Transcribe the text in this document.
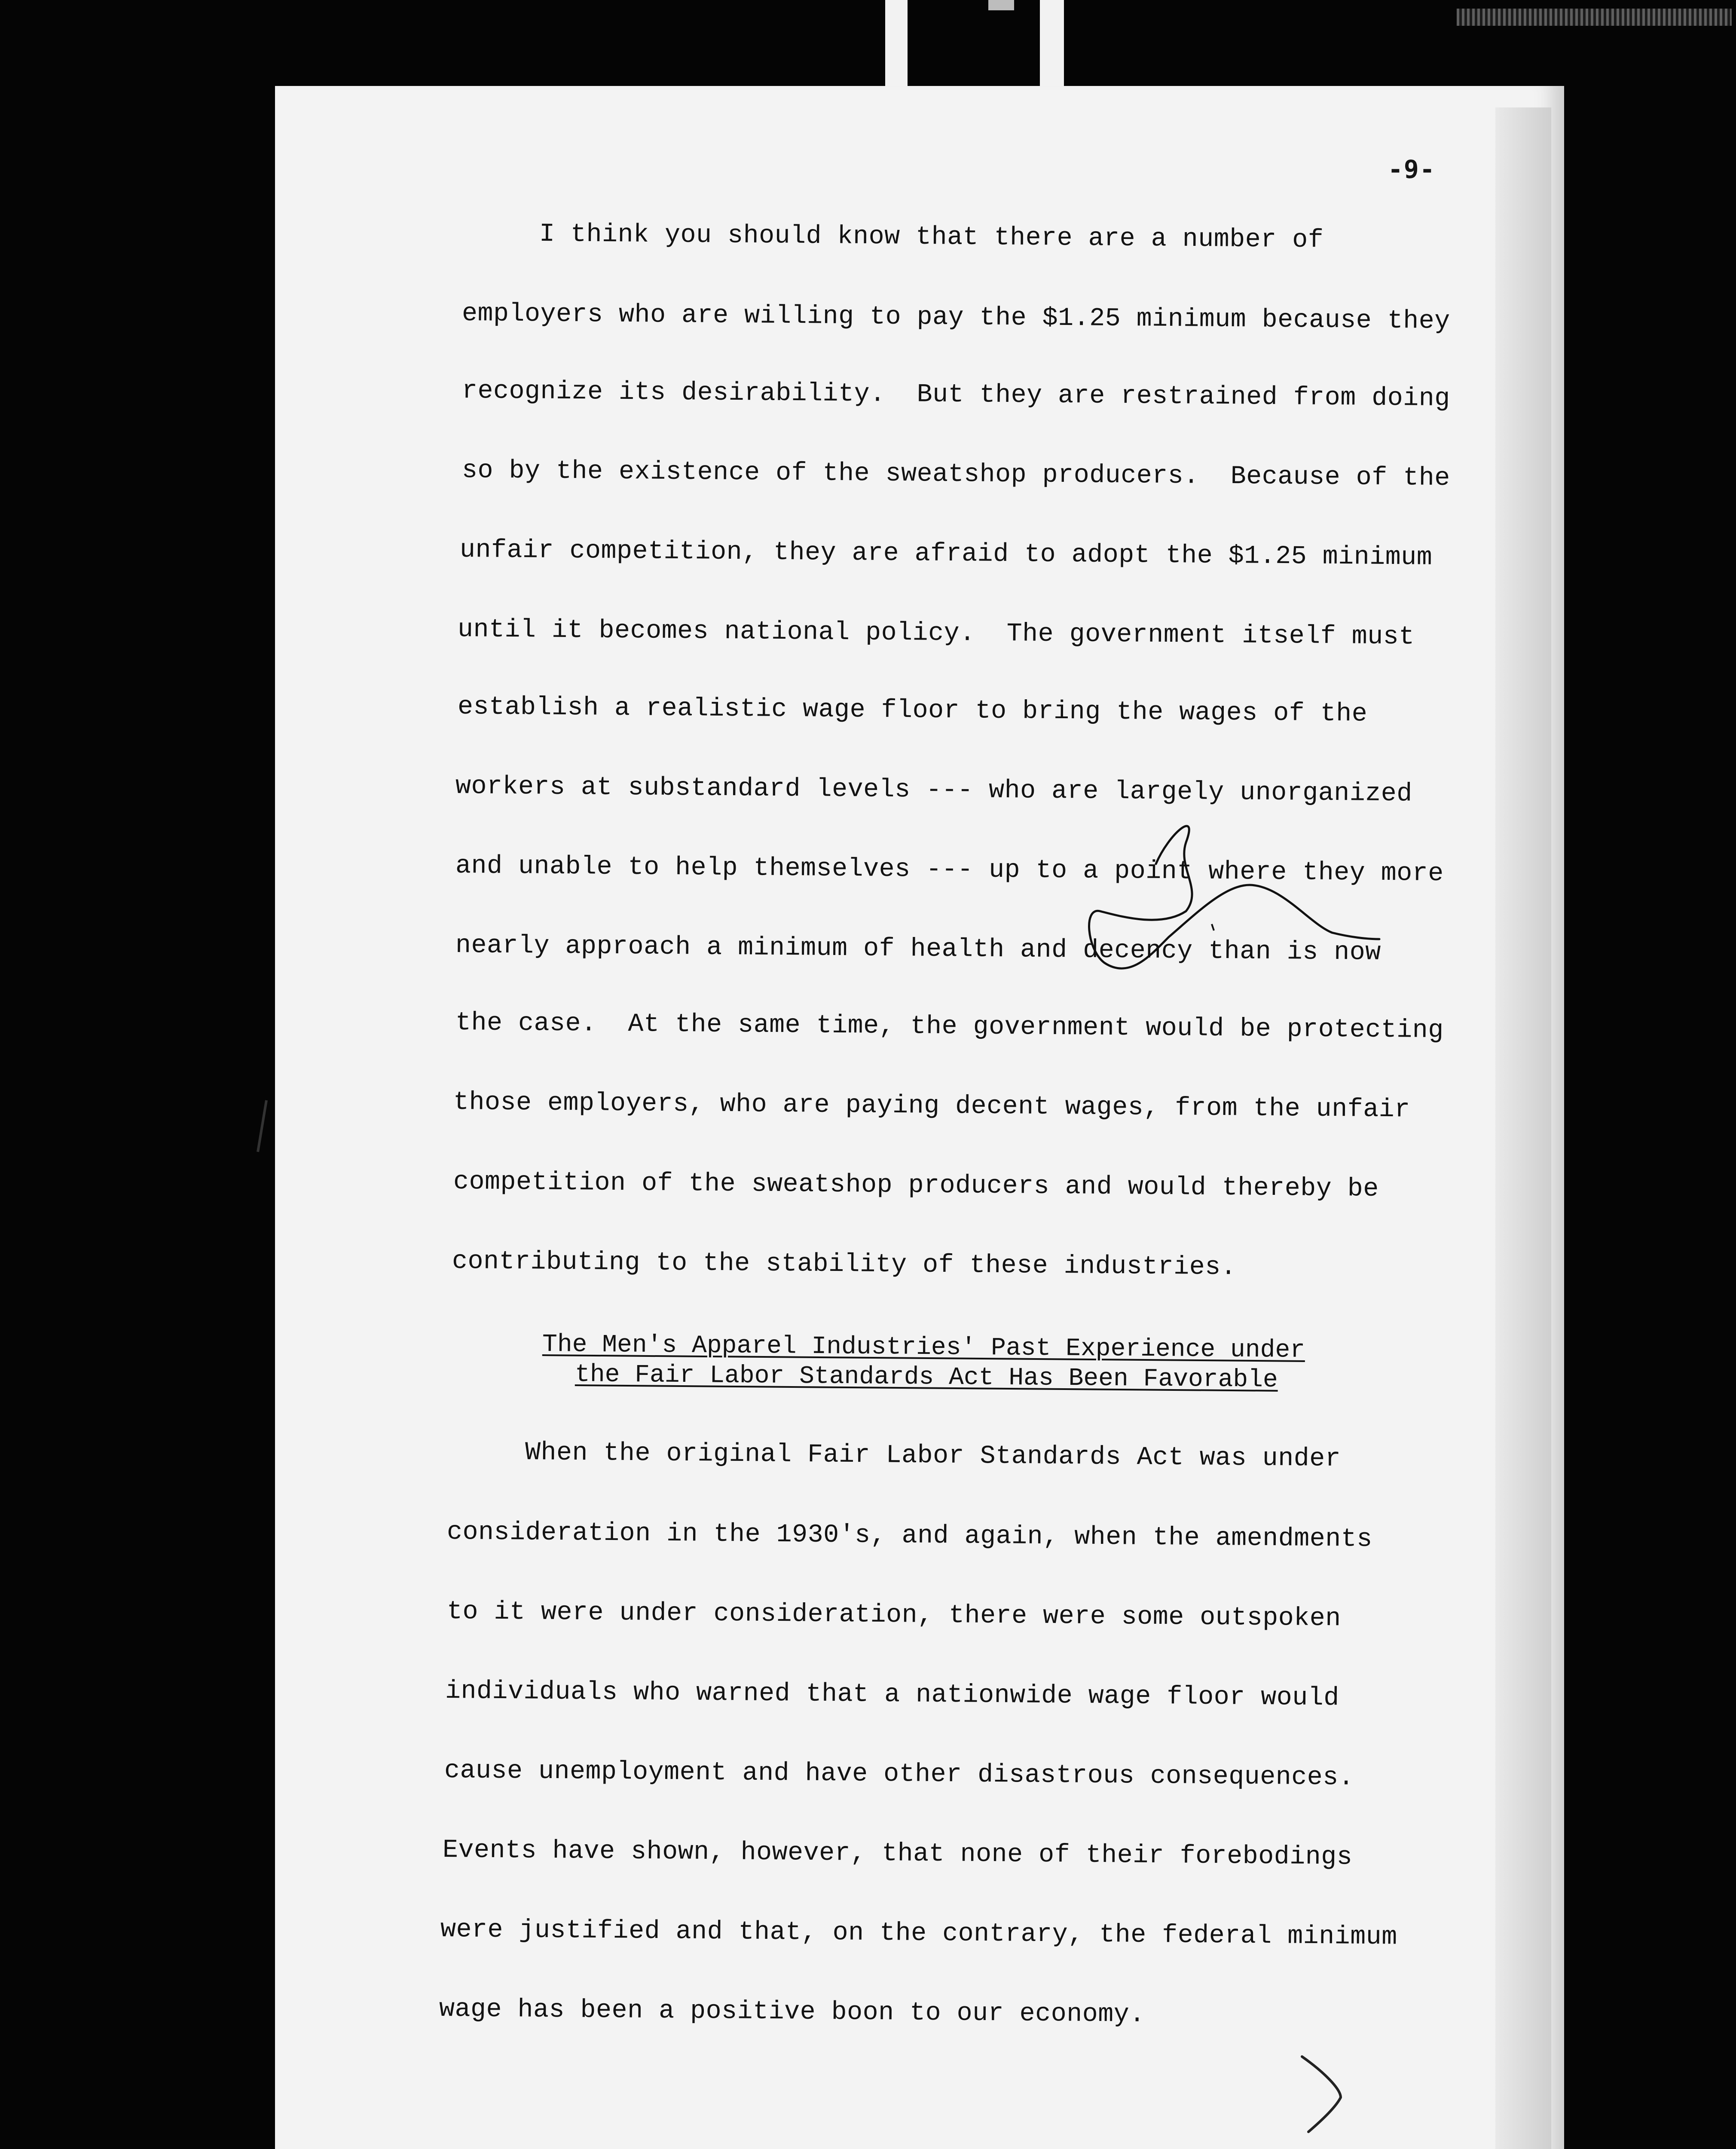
-9-
I think you should know that there are a number of
employers who are willing to pay the $1.25 minimum because they
recognize its desirability.  But they are restrained from doing
so by the existence of the sweatshop producers.  Because of the
unfair competition, they are afraid to adopt the $1.25 minimum
until it becomes national policy.  The government itself must
establish a realistic wage floor to bring the wages of the
workers at substandard levels --- who are largely unorganized
and unable to help themselves --- up to a point where they more
nearly approach a minimum of health and decency than is now
the case.  At the same time, the government would be protecting
those employers, who are paying decent wages, from the unfair
competition of the sweatshop producers and would thereby be
contributing to the stability of these industries.
The Men's Apparel Industries' Past Experience under
the Fair Labor Standards Act Has Been Favorable
When the original Fair Labor Standards Act was under
consideration in the 1930's, and again, when the amendments
to it were under consideration, there were some outspoken
individuals who warned that a nationwide wage floor would
cause unemployment and have other disastrous consequences.
Events have shown, however, that none of their forebodings
were justified and that, on the contrary, the federal minimum
wage has been a positive boon to our economy.
